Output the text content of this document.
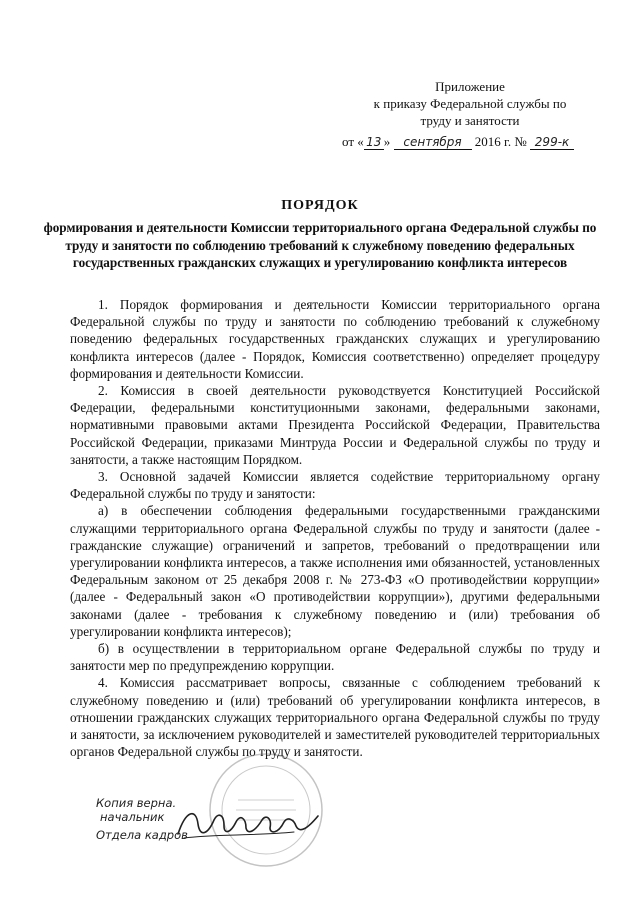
Приложение
к приказу Федеральной службы по
труду и занятости
от « 13 » сентября 2016 г. № 299-к
ПОРЯДОК
формирования и деятельности Комиссии территориального органа Федеральной службы по труду и занятости по соблюдению требований к служебному поведению федеральных государственных гражданских служащих и урегулированию конфликта интересов

1. Порядок формирования и деятельности Комиссии территориального органа Федеральной службы по труду и занятости по соблюдению требований к служебному поведению федеральных государственных гражданских служащих и урегулированию конфликта интересов (далее - Порядок, Комиссия соответственно) определяет процедуру формирования и деятельности Комиссии.

2. Комиссия в своей деятельности руководствуется Конституцией Российской Федерации, федеральными конституционными законами, федеральными законами, нормативными правовыми актами Президента Российской Федерации, Правительства Российской Федерации, приказами Минтруда России и Федеральной службы по труду и занятости, а также настоящим Порядком.

3. Основной задачей Комиссии является содействие территориальному органу Федеральной службы по труду и занятости:

а) в обеспечении соблюдения федеральными государственными гражданскими служащими территориального органа Федеральной службы по труду и занятости (далее - гражданские служащие) ограничений и запретов, требований о предотвращении или урегулировании конфликта интересов, а также исполнения ими обязанностей, установленных Федеральным законом от 25 декабря 2008 г. № 273-ФЗ «О противодействии коррупции» (далее - Федеральный закон «О противодействии коррупции»), другими федеральными законами (далее - требования к служебному поведению и (или) требования об урегулировании конфликта интересов);

б) в осуществлении в территориальном органе Федеральной службы по труду и занятости мер по предупреждению коррупции.

4. Комиссия рассматривает вопросы, связанные с соблюдением требований к служебному поведению и (или) требований об урегулировании конфликта интересов, в отношении гражданских служащих территориального органа Федеральной службы по труду и занятости, за исключением руководителей и заместителей руководителей территориальных органов Федеральной службы по труду и занятости.

Копия верна.
начальник
Отдела кадров
